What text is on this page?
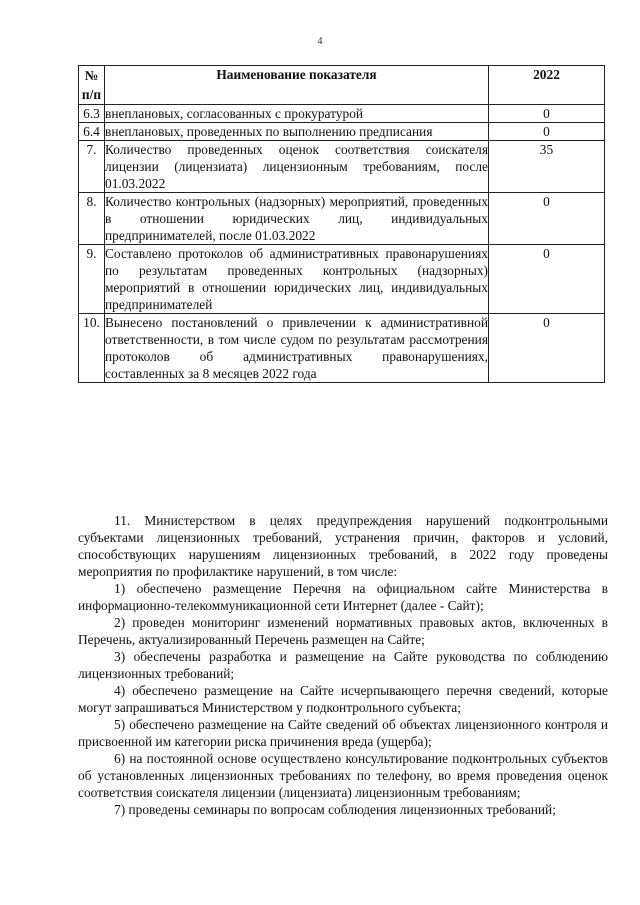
4
№ п/п	Наименование показателя	2022
6.3	внеплановых, согласованных с прокуратурой	0
6.4	внеплановых, проведенных по выполнению предписания	0
7.	Количество проведенных оценок соответствия соискателя лицензии (лицензиата) лицензионным требованиям, после 01.03.2022	35
8.	Количество контрольных (надзорных) мероприятий, проведенных в отношении юридических лиц, индивидуальных предпринимателей, после 01.03.2022	0
9.	Составлено протоколов об административных правонарушениях по результатам проведенных контрольных (надзорных) мероприятий в отношении юридических лиц, индивидуальных предпринимателей	0
10.	Вынесено постановлений о привлечении к административной ответственности, в том числе судом по результатам рассмотрения протоколов об административных правонарушениях, составленных за 8 месяцев 2022 года	0

11. Министерством в целях предупреждения нарушений подконтрольными субъектами лицензионных требований, устранения причин, факторов и условий, способствующих нарушениям лицензионных требований, в 2022 году проведены мероприятия по профилактике нарушений, в том числе:

1) обеспечено размещение Перечня на официальном сайте Министерства в информационно-телекоммуникационной сети Интернет (далее - Сайт);

2) проведен мониторинг изменений нормативных правовых актов, включенных в Перечень, актуализированный Перечень размещен на Сайте;

3) обеспечены разработка и размещение на Сайте руководства по соблюдению лицензионных требований;

4) обеспечено размещение на Сайте исчерпывающего перечня сведений, которые могут запрашиваться Министерством у подконтрольного субъекта;

5) обеспечено размещение на Сайте сведений об объектах лицензионного контроля и присвоенной им категории риска причинения вреда (ущерба);

6) на постоянной основе осуществлено консультирование подконтрольных субъектов об установленных лицензионных требованиях по телефону, во время проведения оценок соответствия соискателя лицензии (лицензиата) лицензионным требованиям;

7) проведены семинары по вопросам соблюдения лицензионных требований;
